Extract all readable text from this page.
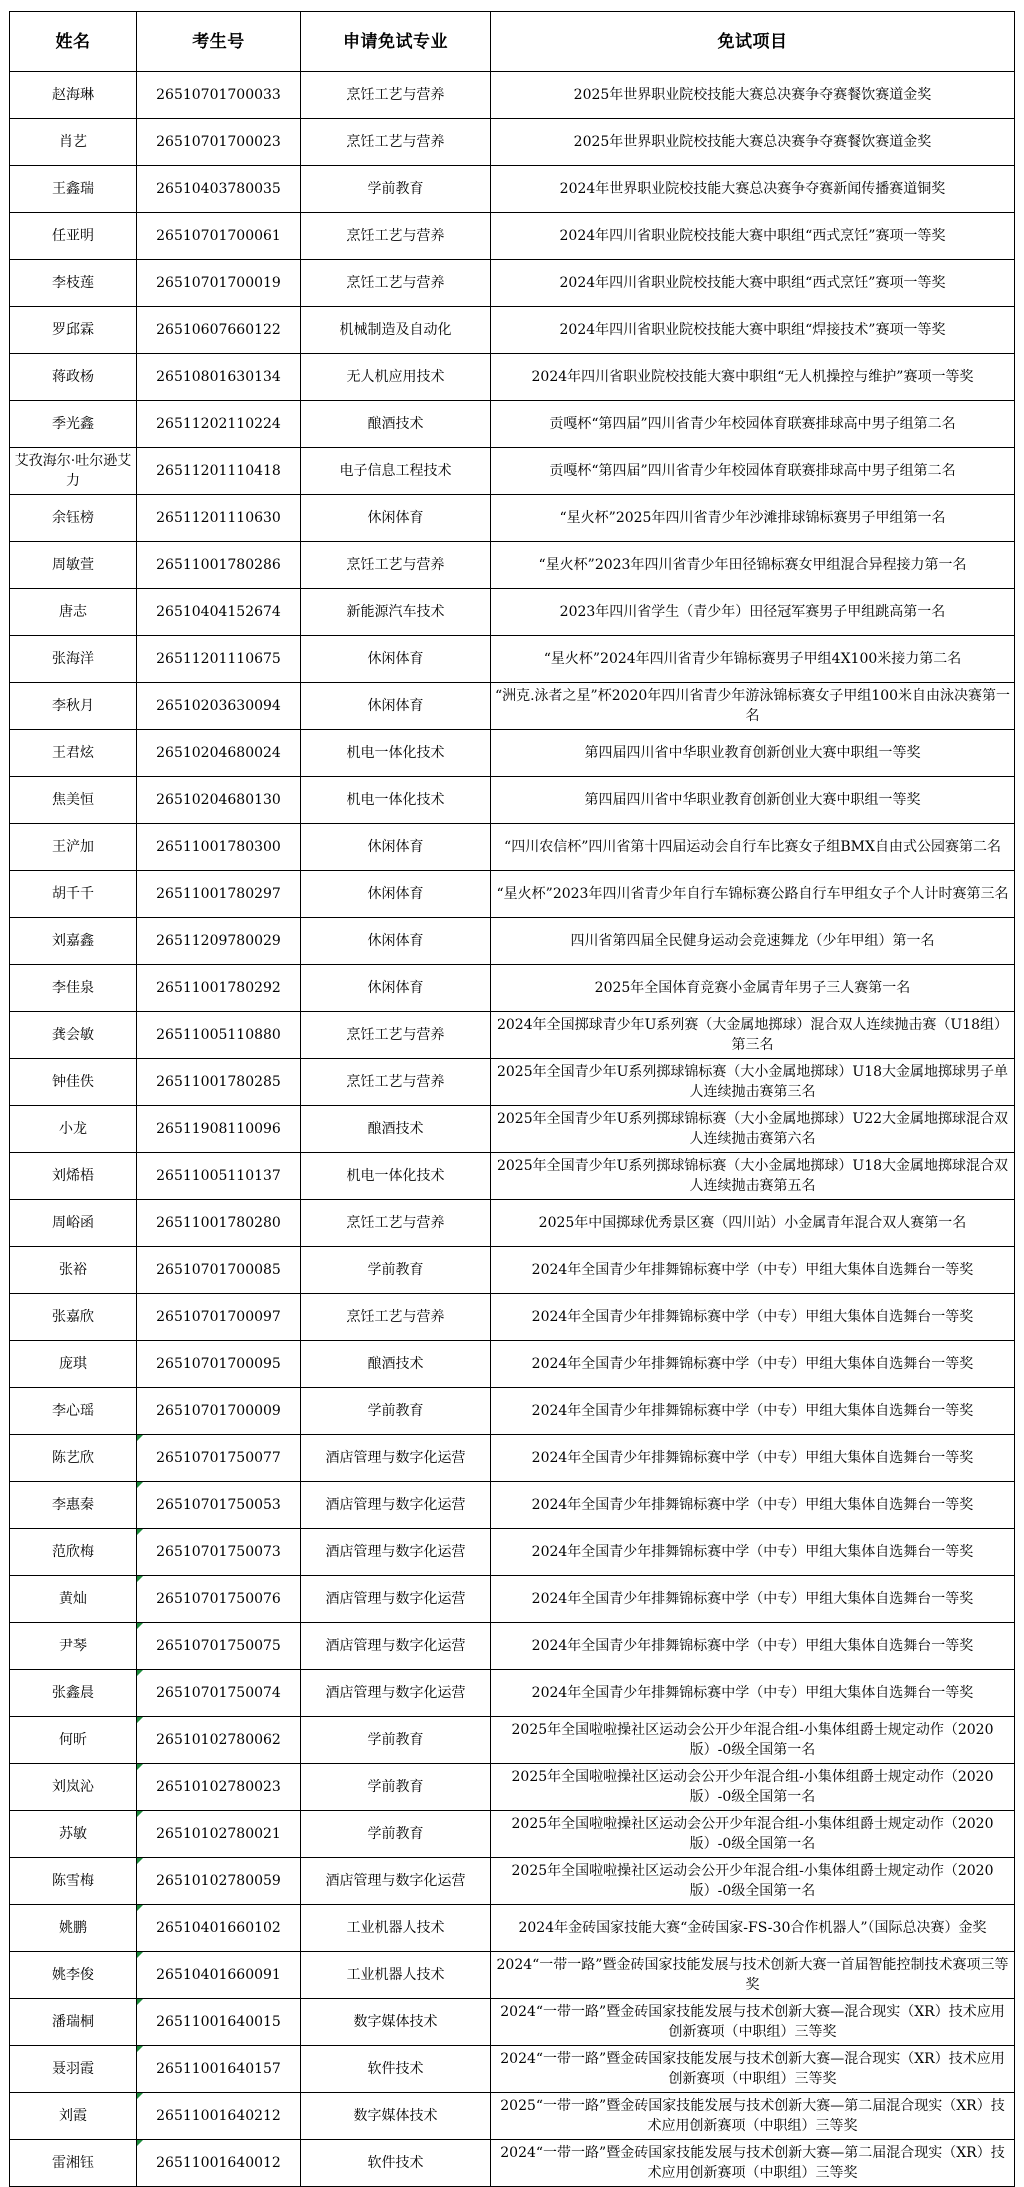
姓名	考生号	申请免试专业	免试项目
赵海琳	26510701700033	烹饪工艺与营养	2025年世界职业院校技能大赛总决赛争夺赛餐饮赛道金奖
肖艺	26510701700023	烹饪工艺与营养	2025年世界职业院校技能大赛总决赛争夺赛餐饮赛道金奖
王鑫瑞	26510403780035	学前教育	2024年世界职业院校技能大赛总决赛争夺赛新闻传播赛道铜奖
任亚明	26510701700061	烹饪工艺与营养	2024年四川省职业院校技能大赛中职组“西式烹饪”赛项一等奖
李枝莲	26510701700019	烹饪工艺与营养	2024年四川省职业院校技能大赛中职组“西式烹饪”赛项一等奖
罗邱霖	26510607660122	机械制造及自动化	2024年四川省职业院校技能大赛中职组“焊接技术”赛项一等奖
蒋政杨	26510801630134	无人机应用技术	2024年四川省职业院校技能大赛中职组“无人机操控与维护”赛项一等奖
季光鑫	26511202110224	酿酒技术	贡嘎杯“第四届”四川省青少年校园体育联赛排球高中男子组第二名
艾孜海尔·吐尔逊艾力	26511201110418	电子信息工程技术	贡嘎杯“第四届”四川省青少年校园体育联赛排球高中男子组第二名
余钰榜	26511201110630	休闲体育	“星火杯”2025年四川省青少年沙滩排球锦标赛男子甲组第一名
周敏萱	26511001780286	烹饪工艺与营养	“星火杯”2023年四川省青少年田径锦标赛女甲组混合异程接力第一名
唐志	26510404152674	新能源汽车技术	2023年四川省学生（青少年）田径冠军赛男子甲组跳高第一名
张海洋	26511201110675	休闲体育	“星火杯”2024年四川省青少年锦标赛男子甲组4X100米接力第二名
李秋月	26510203630094	休闲体育	“洲克.泳者之星”杯2020年四川省青少年游泳锦标赛女子甲组100米自由泳决赛第一名
王君炫	26510204680024	机电一体化技术	第四届四川省中华职业教育创新创业大赛中职组一等奖
焦美恒	26510204680130	机电一体化技术	第四届四川省中华职业教育创新创业大赛中职组一等奖
王浐加	26511001780300	休闲体育	“四川农信杯”四川省第十四届运动会自行车比赛女子组BMX自由式公园赛第二名
胡千千	26511001780297	休闲体育	“星火杯”2023年四川省青少年自行车锦标赛公路自行车甲组女子个人计时赛第三名
刘嘉鑫	26511209780029	休闲体育	四川省第四届全民健身运动会竞速舞龙（少年甲组）第一名
李佳泉	26511001780292	休闲体育	2025年全国体育竞赛小金属青年男子三人赛第一名
龚会敏	26511005110880	烹饪工艺与营养	2024年全国掷球青少年U系列赛（大金属地掷球）混合双人连续抛击赛（U18组）第三名
钟佳佚	26511001780285	烹饪工艺与营养	2025年全国青少年U系列掷球锦标赛（大小金属地掷球）U18大金属地掷球男子单人连续抛击赛第三名
小龙	26511908110096	酿酒技术	2025年全国青少年U系列掷球锦标赛（大小金属地掷球）U22大金属地掷球混合双人连续抛击赛第六名
刘烯梧	26511005110137	机电一体化技术	2025年全国青少年U系列掷球锦标赛（大小金属地掷球）U18大金属地掷球混合双人连续抛击赛第五名
周峪函	26511001780280	烹饪工艺与营养	2025年中国掷球优秀景区赛（四川站）小金属青年混合双人赛第一名
张裕	26510701700085	学前教育	2024年全国青少年排舞锦标赛中学（中专）甲组大集体自选舞台一等奖
张嘉欣	26510701700097	烹饪工艺与营养	2024年全国青少年排舞锦标赛中学（中专）甲组大集体自选舞台一等奖
庞琪	26510701700095	酿酒技术	2024年全国青少年排舞锦标赛中学（中专）甲组大集体自选舞台一等奖
李心瑶	26510701700009	学前教育	2024年全国青少年排舞锦标赛中学（中专）甲组大集体自选舞台一等奖
陈艺欣	26510701750077	酒店管理与数字化运营	2024年全国青少年排舞锦标赛中学（中专）甲组大集体自选舞台一等奖
李惠秦	26510701750053	酒店管理与数字化运营	2024年全国青少年排舞锦标赛中学（中专）甲组大集体自选舞台一等奖
范欣梅	26510701750073	酒店管理与数字化运营	2024年全国青少年排舞锦标赛中学（中专）甲组大集体自选舞台一等奖
黄灿	26510701750076	酒店管理与数字化运营	2024年全国青少年排舞锦标赛中学（中专）甲组大集体自选舞台一等奖
尹琴	26510701750075	酒店管理与数字化运营	2024年全国青少年排舞锦标赛中学（中专）甲组大集体自选舞台一等奖
张鑫晨	26510701750074	酒店管理与数字化运营	2024年全国青少年排舞锦标赛中学（中专）甲组大集体自选舞台一等奖
何昕	26510102780062	学前教育	2025年全国啦啦操社区运动会公开少年混合组-小集体组爵士规定动作（2020版）-0级全国第一名
刘岚沁	26510102780023	学前教育	2025年全国啦啦操社区运动会公开少年混合组-小集体组爵士规定动作（2020版）-0级全国第一名
苏敏	26510102780021	学前教育	2025年全国啦啦操社区运动会公开少年混合组-小集体组爵士规定动作（2020版）-0级全国第一名
陈雪梅	26510102780059	酒店管理与数字化运营	2025年全国啦啦操社区运动会公开少年混合组-小集体组爵士规定动作（2020版）-0级全国第一名
姚鹏	26510401660102	工业机器人技术	2024年金砖国家技能大赛“金砖国家-FS-30合作机器人”（国际总决赛）金奖
姚李俊	26510401660091	工业机器人技术	2024“一带一路”暨金砖国家技能发展与技术创新大赛一首届智能控制技术赛项三等奖
潘瑞桐	26511001640015	数字媒体技术	2024“一带一路”暨金砖国家技能发展与技术创新大赛—混合现实（XR）技术应用创新赛项（中职组）三等奖
聂羽霞	26511001640157	软件技术	2024“一带一路”暨金砖国家技能发展与技术创新大赛—混合现实（XR）技术应用创新赛项（中职组）三等奖
刘霞	26511001640212	数字媒体技术	2025“一带一路”暨金砖国家技能发展与技术创新大赛—第二届混合现实（XR）技术应用创新赛项（中职组）三等奖
雷湘钰	26511001640012	软件技术	2024“一带一路”暨金砖国家技能发展与技术创新大赛—第二届混合现实（XR）技术应用创新赛项（中职组）三等奖
